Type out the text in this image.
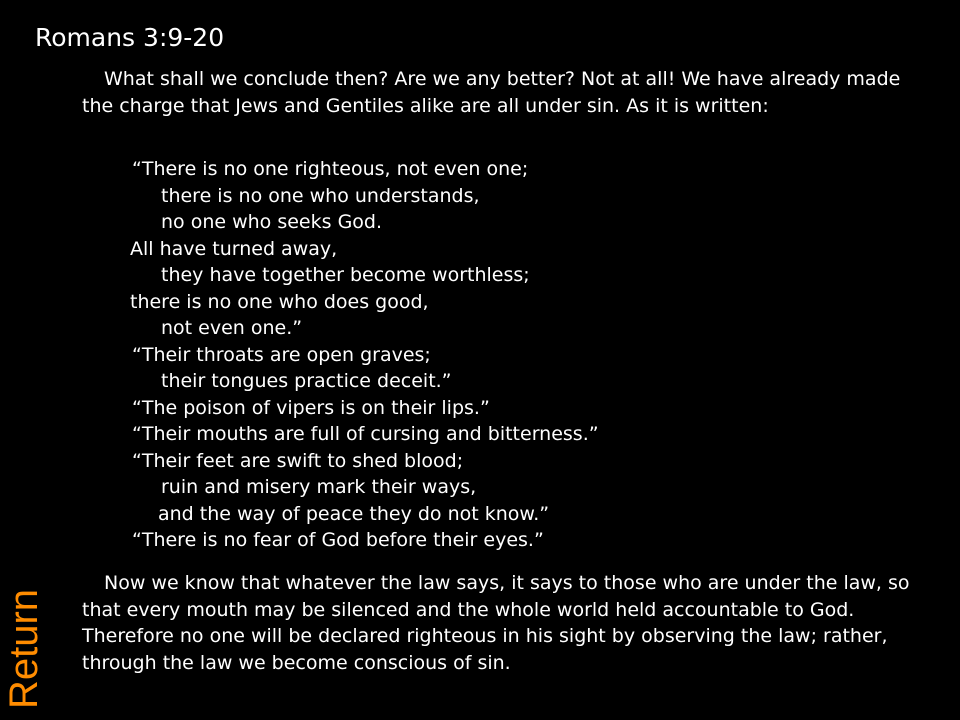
Romans 3:9-20
What shall we conclude then? Are we any better? Not at all! We have already made the charge that Jews and Gentiles alike are all under sin. As it is written:
“There is no one righteous, not even one;
there is no one who understands,
no one who seeks God.
All have turned away,
they have together become worthless;
there is no one who does good,
not even one.”
“Their throats are open graves;
their tongues practice deceit.”
“The poison of vipers is on their lips.”
“Their mouths are full of cursing and bitterness.”
“Their feet are swift to shed blood;
ruin and misery mark their ways,
and the way of peace they do not know.”
“There is no fear of God before their eyes.”
Now we know that whatever the law says, it says to those who are under the law, so that every mouth may be silenced and the whole world held accountable to God. Therefore no one will be declared righteous in his sight by observing the law; rather, through the law we become conscious of sin.
Return
